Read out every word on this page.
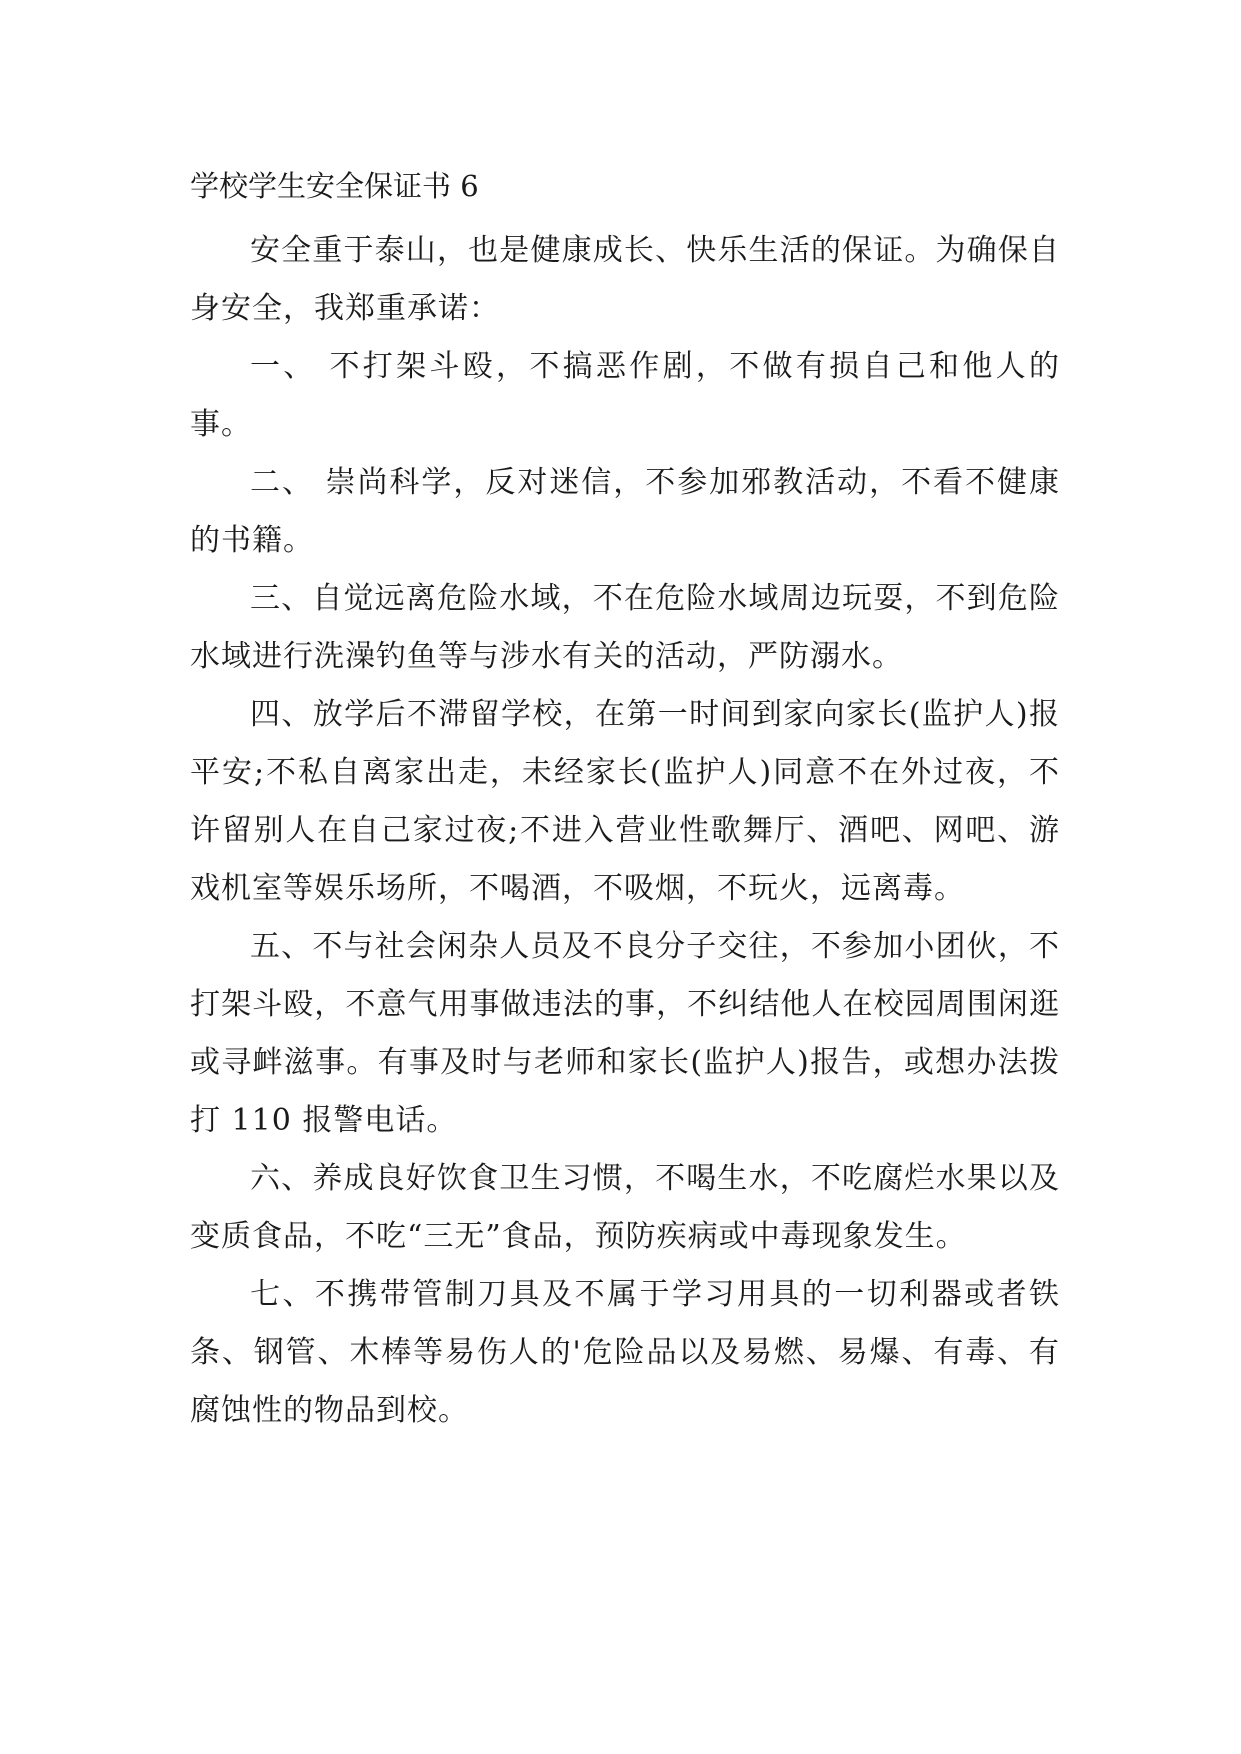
学校学生安全保证书 6

安全重于泰山，也是健康成长、快乐生活的保证。为确保自身安全，我郑重承诺：

一、 不打架斗殴，不搞恶作剧，不做有损自己和他人的事。

二、 崇尚科学，反对迷信，不参加邪教活动，不看不健康的书籍。

三、自觉远离危险水域，不在危险水域周边玩耍，不到危险水域进行洗澡钓鱼等与涉水有关的活动，严防溺水。

四、放学后不滞留学校，在第一时间到家向家长(监护人)报平安;不私自离家出走，未经家长(监护人)同意不在外过夜，不许留别人在自己家过夜;不进入营业性歌舞厅、酒吧、网吧、游戏机室等娱乐场所，不喝酒，不吸烟，不玩火，远离毒。

五、不与社会闲杂人员及不良分子交往，不参加小团伙，不打架斗殴，不意气用事做违法的事，不纠结他人在校园周围闲逛或寻衅滋事。有事及时与老师和家长(监护人)报告，或想办法拨打 110 报警电话。

六、养成良好饮食卫生习惯，不喝生水，不吃腐烂水果以及变质食品，不吃“三无”食品，预防疾病或中毒现象发生。

七、不携带管制刀具及不属于学习用具的一切利器或者铁条、钢管、木棒等易伤人的'危险品以及易燃、易爆、有毒、有腐蚀性的物品到校。
